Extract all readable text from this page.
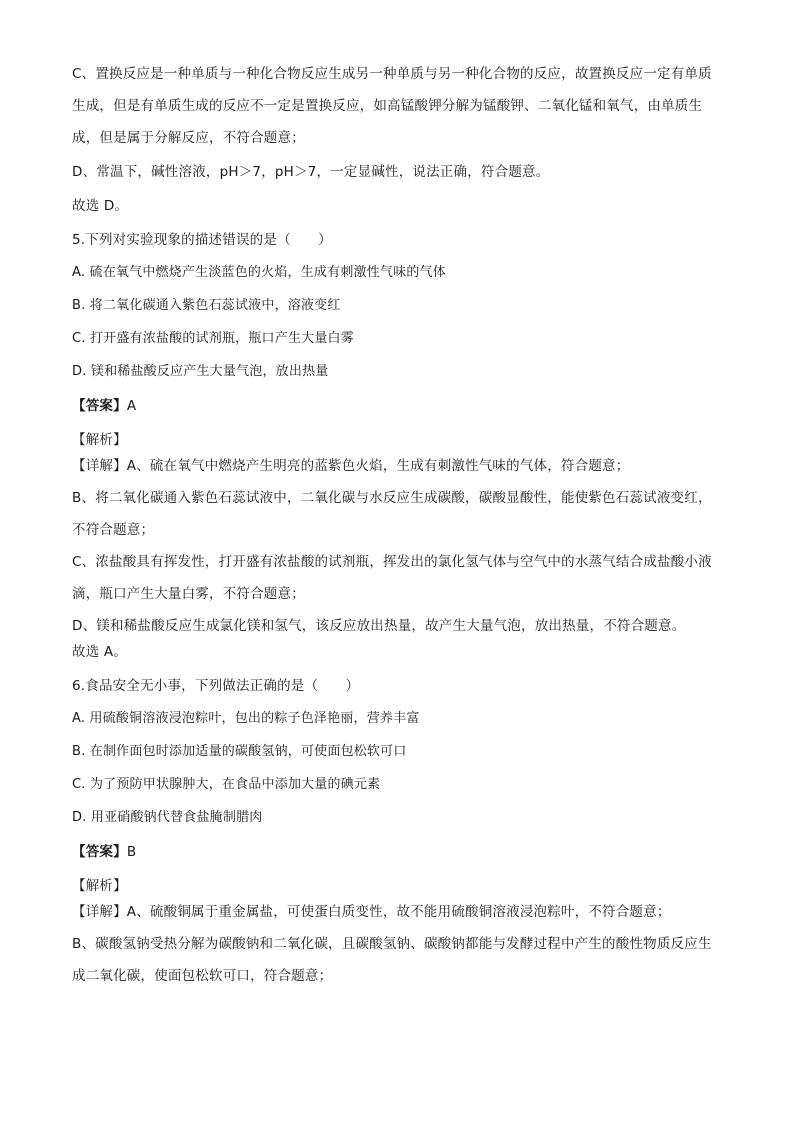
C、置换反应是一种单质与一种化合物反应生成另一种单质与另一种化合物的反应，故置换反应一定有单质
生成，但是有单质生成的反应不一定是置换反应，如高锰酸钾分解为锰酸钾、二氧化锰和氧气，由单质生
成，但是属于分解反应，不符合题意；
D、常温下，碱性溶液，pH＞7，pH＞7，一定显碱性，说法正确，符合题意。
故选 D。
5.下列对实验现象的描述错误的是（　　）
A. 硫在氧气中燃烧产生淡蓝色的火焰，生成有刺激性气味的气体
B. 将二氧化碳通入紫色石蕊试液中，溶液变红
C. 打开盛有浓盐酸的试剂瓶，瓶口产生大量白雾
D. 镁和稀盐酸反应产生大量气泡，放出热量
【答案】A
【解析】
【详解】A、硫在氧气中燃烧产生明亮的蓝紫色火焰，生成有刺激性气味的气体，符合题意；
B、将二氧化碳通入紫色石蕊试液中，二氧化碳与水反应生成碳酸，碳酸显酸性，能使紫色石蕊试液变红，
不符合题意；
C、浓盐酸具有挥发性，打开盛有浓盐酸的试剂瓶，挥发出的氯化氢气体与空气中的水蒸气结合成盐酸小液
滴，瓶口产生大量白雾，不符合题意；
D、镁和稀盐酸反应生成氯化镁和氢气，该反应放出热量，故产生大量气泡，放出热量，不符合题意。
故选 A。
6.食品安全无小事，下列做法正确的是（　　）
A. 用硫酸铜溶液浸泡粽叶，包出的粽子色泽艳丽，营养丰富
B. 在制作面包时添加适量的碳酸氢钠，可使面包松软可口
C. 为了预防甲状腺肿大，在食品中添加大量的碘元素
D. 用亚硝酸钠代替食盐腌制腊肉
【答案】B
【解析】
【详解】A、硫酸铜属于重金属盐，可使蛋白质变性，故不能用硫酸铜溶液浸泡粽叶，不符合题意；
B、碳酸氢钠受热分解为碳酸钠和二氧化碳，且碳酸氢钠、碳酸钠都能与发酵过程中产生的酸性物质反应生
成二氧化碳，使面包松软可口，符合题意；
